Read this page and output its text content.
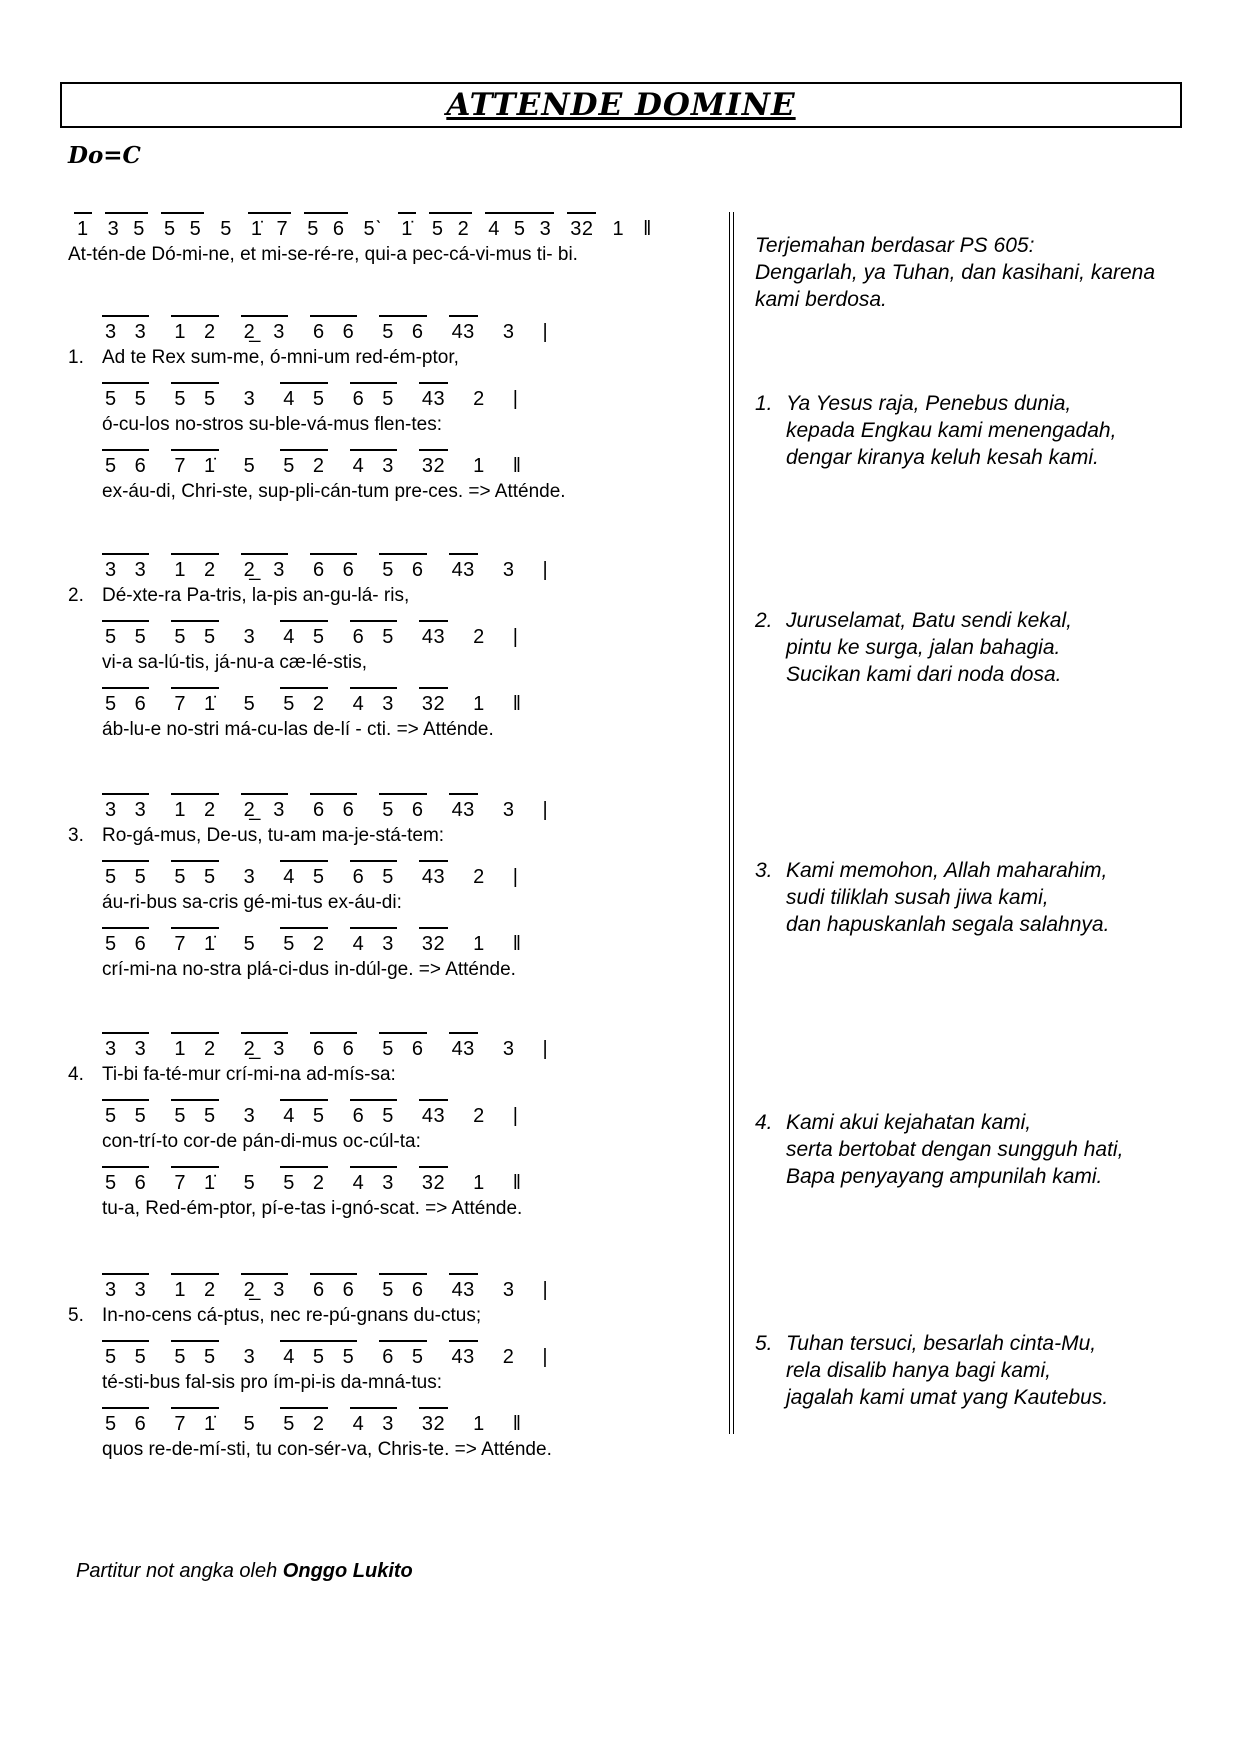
ATTENDE DOMINE
Do=C
1 3 5 5 5 5 1̇ 7 5 6 5ˋ 1̇ 5 2 4 5 3 32 1 ‖
At-tén-de Dó-mi-ne, et mi-se-ré-re, qui-a pec-cá-vi-mus ti- bi.
3 3 1 2 2̲ 3 6 6 5 6 43 3 |
1. Ad te Rex sum-me, ó-mni-um red-ém-ptor,
5 5 5 5 3 4 5 6 5 43 2 |
ó-cu-los no-stros su-ble-vá-mus flen-tes:
5 6 7 1̇ 5 5 2 4 3 32 1 ‖
ex-áu-di, Chri-ste, sup-pli-cán-tum pre-ces. => Atténde.
3 3 1 2 2̲ 3 6 6 5 6 43 3 |
2. Dé-xte-ra Pa-tris, la-pis an-gu-lá- ris,
5 5 5 5 3 4 5 6 5 43 2 |
vi-a sa-lú-tis, já-nu-a cæ-lé-stis,
5 6 7 1̇ 5 5 2 4 3 32 1 ‖
áb-lu-e no-stri má-cu-las de-lí - cti. => Atténde.
3 3 1 2 2̲ 3 6 6 5 6 43 3 |
3. Ro-gá-mus, De-us, tu-am ma-je-stá-tem:
5 5 5 5 3 4 5 6 5 43 2 |
áu-ri-bus sa-cris gé-mi-tus ex-áu-di:
5 6 7 1̇ 5 5 2 4 3 32 1 ‖
crí-mi-na no-stra plá-ci-dus in-dúl-ge. => Atténde.
3 3 1 2 2̲ 3 6 6 5 6 43 3 |
4. Ti-bi fa-té-mur crí-mi-na ad-mís-sa:
5 5 5 5 3 4 5 6 5 43 2 |
con-trí-to cor-de pán-di-mus oc-cúl-ta:
5 6 7 1̇ 5 5 2 4 3 32 1 ‖
tu-a, Red-ém-ptor, pí-e-tas i-gnó-scat. => Atténde.
3 3 1 2 2̲ 3 6 6 5 6 43 3 |
5. In-no-cens cá-ptus, nec re-pú-gnans du-ctus;
5 5 5 5 3 4 5 5 6 5 43 2 |
té-sti-bus fal-sis pro ím-pi-is da-mná-tus:
5 6 7 1̇ 5 5 2 4 3 32 1 ‖
quos re-de-mí-sti, tu con-sér-va, Chris-te. => Atténde.
Terjemahan berdasar PS 605:
Dengarlah, ya Tuhan, dan kasihani, karena
kami berdosa.
1. Ya Yesus raja, Penebus dunia,
kepada Engkau kami menengadah,
dengar kiranya keluh kesah kami.
2. Juruselamat, Batu sendi kekal,
pintu ke surga, jalan bahagia.
Sucikan kami dari noda dosa.
3. Kami memohon, Allah maharahim,
sudi tiliklah susah jiwa kami,
dan hapuskanlah segala salahnya.
4. Kami akui kejahatan kami,
serta bertobat dengan sungguh hati,
Bapa penyayang ampunilah kami.
5. Tuhan tersuci, besarlah cinta-Mu,
rela disalib hanya bagi kami,
jagalah kami umat yang Kautebus.
Partitur not angka oleh Onggo Lukito
